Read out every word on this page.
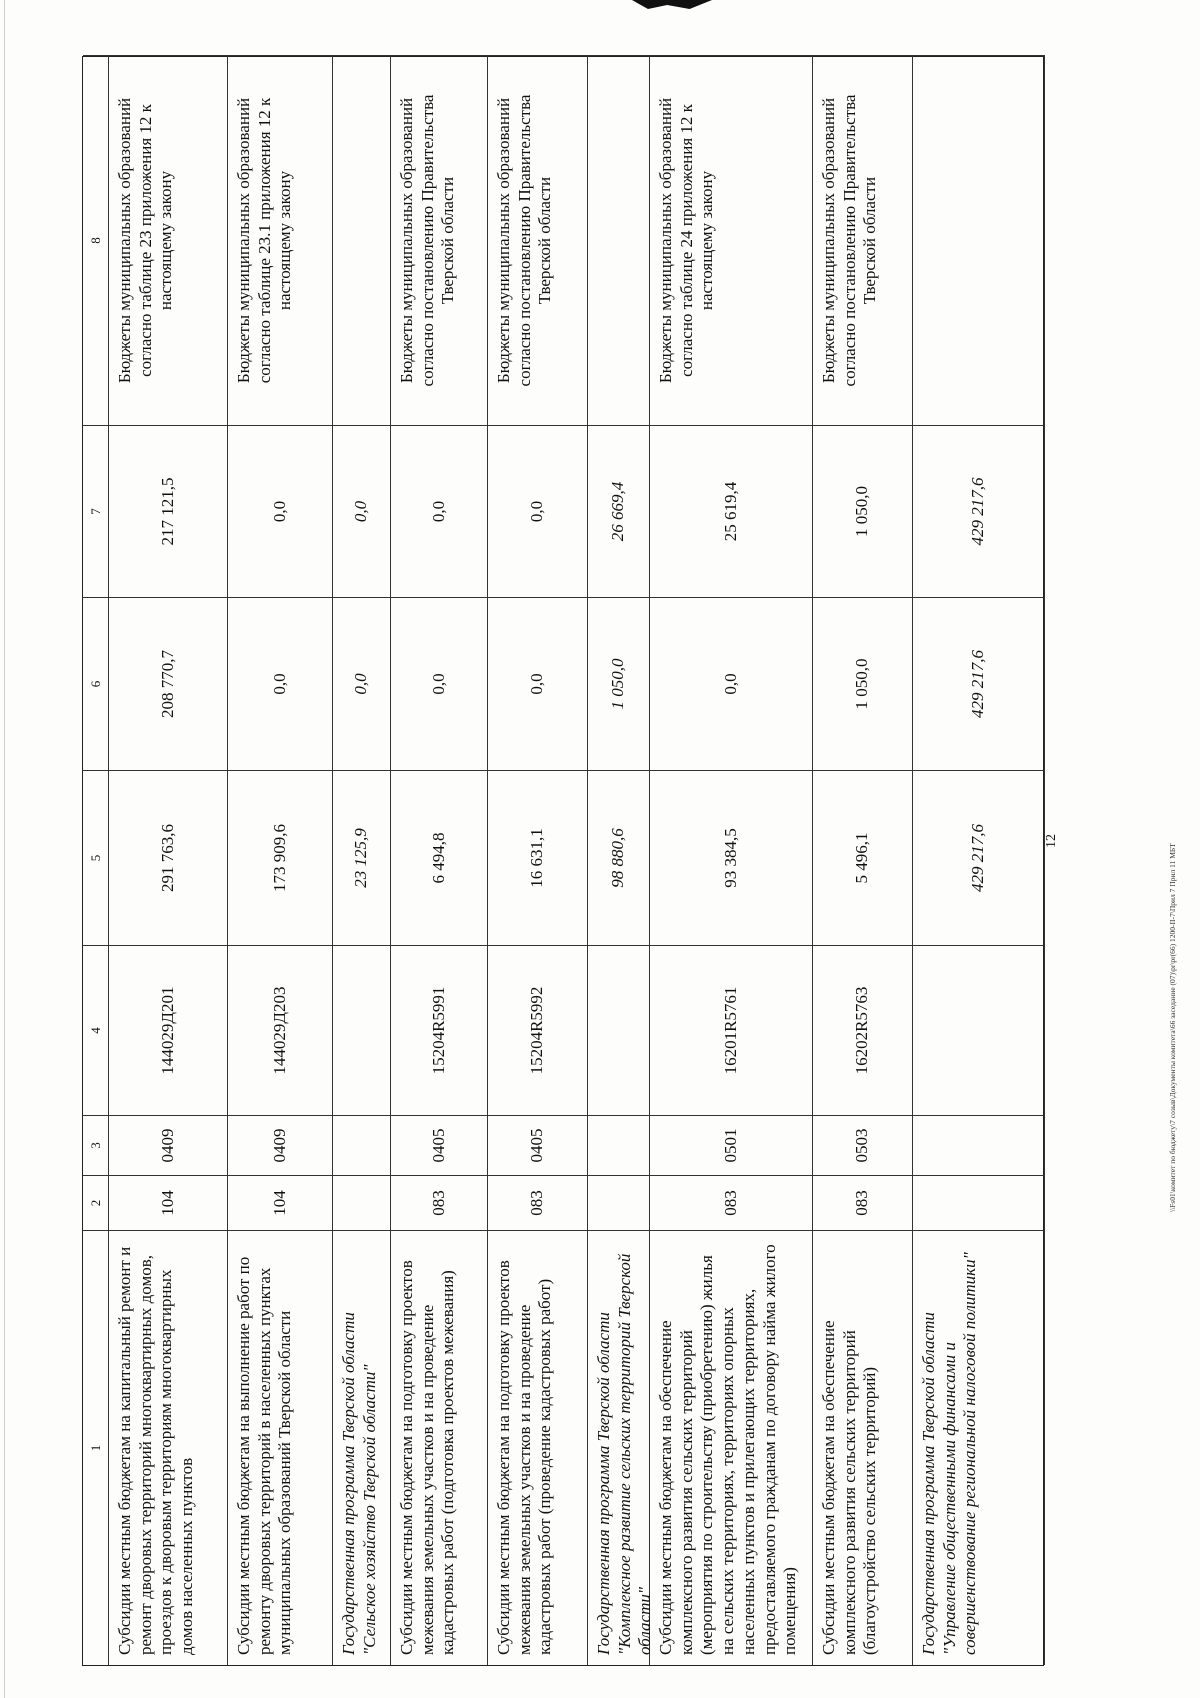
12
1
2
3
4
5
6
7
8
Субсидии местным бюджетам на капитальный ремонт и ремонт дворовых территорий многоквартирных домов, проездов к дворовым территориям многоквартирных домов населенных пунктов
104
0409
144029Д201
291 763,6
208 770,7
217 121,5
Бюджеты муниципальных образований согласно таблице 23 приложения 12 к настоящему закону
Субсидии местным бюджетам на выполнение работ по ремонту дворовых территорий в населенных пунктах муниципальных образований Тверской области
104
0409
144029Д203
173 909,6
0,0
0,0
Бюджеты муниципальных образований согласно таблице 23.1 приложения 12 к настоящему закону
Государственная программа Тверской области "Сельское хозяйство Тверской области"
23 125,9
0,0
0,0
Субсидии местным бюджетам на подготовку проектов межевания земельных участков и на проведение кадастровых работ (подготовка проектов межевания)
083
0405
15204R5991
6 494,8
0,0
0,0
Бюджеты муниципальных образований согласно постановлению Правительства Тверской области
Субсидии местным бюджетам на подготовку проектов межевания земельных участков и на проведение кадастровых работ (проведение кадастровых работ)
083
0405
15204R5992
16 631,1
0,0
0,0
Бюджеты муниципальных образований согласно постановлению Правительства Тверской области
Государственная программа Тверской области "Комплексное развитие сельских территорий Тверской области"
98 880,6
1 050,0
26 669,4
Субсидии местным бюджетам на обеспечение комплексного развития сельских территорий (мероприятия по строительству (приобретению) жилья на сельских территориях, территориях опорных населенных пунктов и прилегающих территориях, предоставляемого гражданам по договору найма жилого помещения)
083
0501
16201R5761
93 384,5
0,0
25 619,4
Бюджеты муниципальных образований согласно таблице 24 приложения 12 к настоящему закону
Субсидии местным бюджетам на обеспечение комплексного развития сельских территорий (благоустройство сельских территорий)
083
0503
16202R5763
5 496,1
1 050,0
1 050,0
Бюджеты муниципальных образований согласно постановлению Правительства Тверской области
Государственная программа Тверской области "Управление общественными финансами и совершенствование региональной налоговой политики"
429 217,6
429 217,6
429 217,6
\\Fs01\комитет по бюджету\7 созыв\Документы комитета\66 заседание (07)\pr\рr(66) 1200-II-7\Прил 7 Прил 11 МБТ
